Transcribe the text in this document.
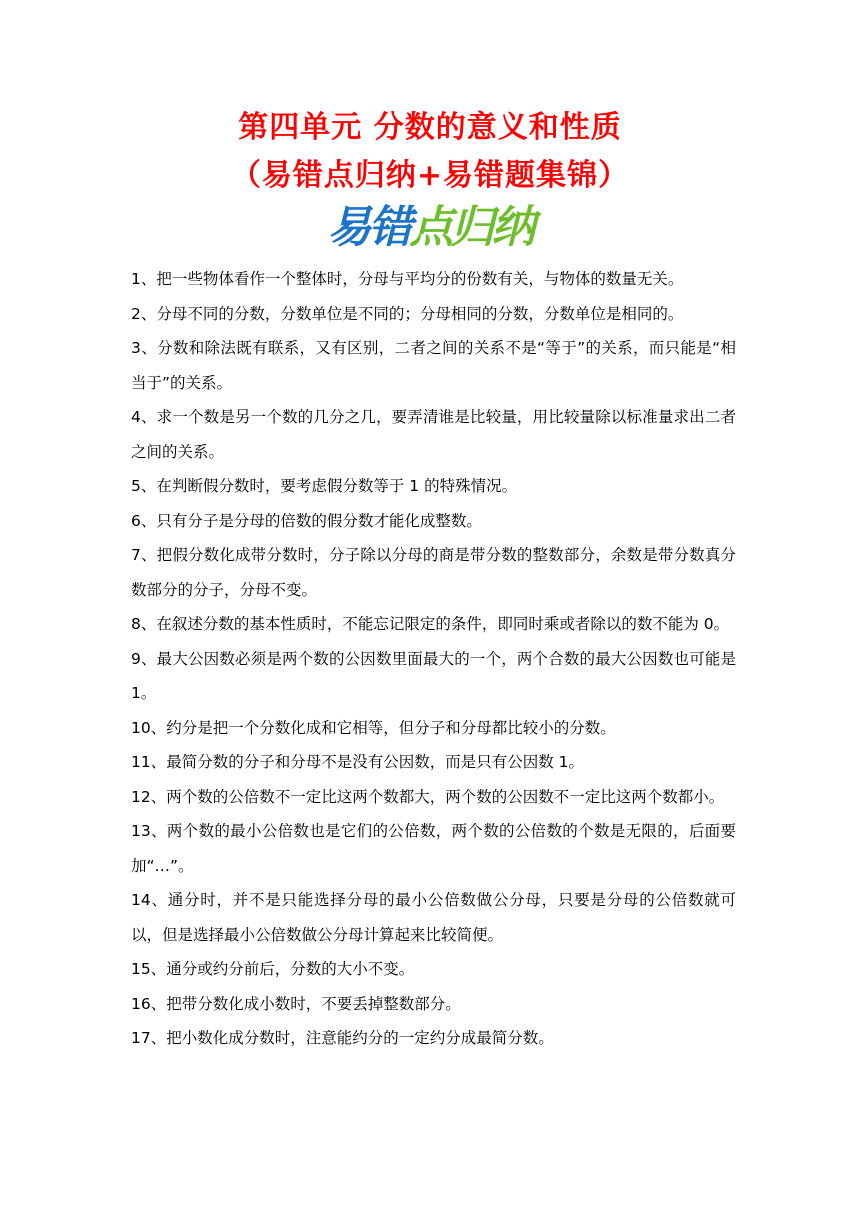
第四单元 分数的意义和性质
（易错点归纳+易错题集锦）
易错点归纳
1、把一些物体看作一个整体时，分母与平均分的份数有关，与物体的数量无关。
2、分母不同的分数，分数单位是不同的；分母相同的分数，分数单位是相同的。
3、分数和除法既有联系，又有区别，二者之间的关系不是“等于”的关系，而只能是“相当于”的关系。
4、求一个数是另一个数的几分之几，要弄清谁是比较量，用比较量除以标准量求出二者之间的关系。
5、在判断假分数时，要考虑假分数等于 1 的特殊情况。
6、只有分子是分母的倍数的假分数才能化成整数。
7、把假分数化成带分数时，分子除以分母的商是带分数的整数部分，余数是带分数真分数部分的分子，分母不变。
8、在叙述分数的基本性质时，不能忘记限定的条件，即同时乘或者除以的数不能为 0。
9、最大公因数必须是两个数的公因数里面最大的一个，两个合数的最大公因数也可能是 1。
10、约分是把一个分数化成和它相等，但分子和分母都比较小的分数。
11、最简分数的分子和分母不是没有公因数，而是只有公因数 1。
12、两个数的公倍数不一定比这两个数都大，两个数的公因数不一定比这两个数都小。
13、两个数的最小公倍数也是它们的公倍数，两个数的公倍数的个数是无限的，后面要加“…”。
14、通分时，并不是只能选择分母的最小公倍数做公分母，只要是分母的公倍数就可以，但是选择最小公倍数做公分母计算起来比较简便。
15、通分或约分前后，分数的大小不变。
16、把带分数化成小数时，不要丢掉整数部分。
17、把小数化成分数时，注意能约分的一定约分成最简分数。
